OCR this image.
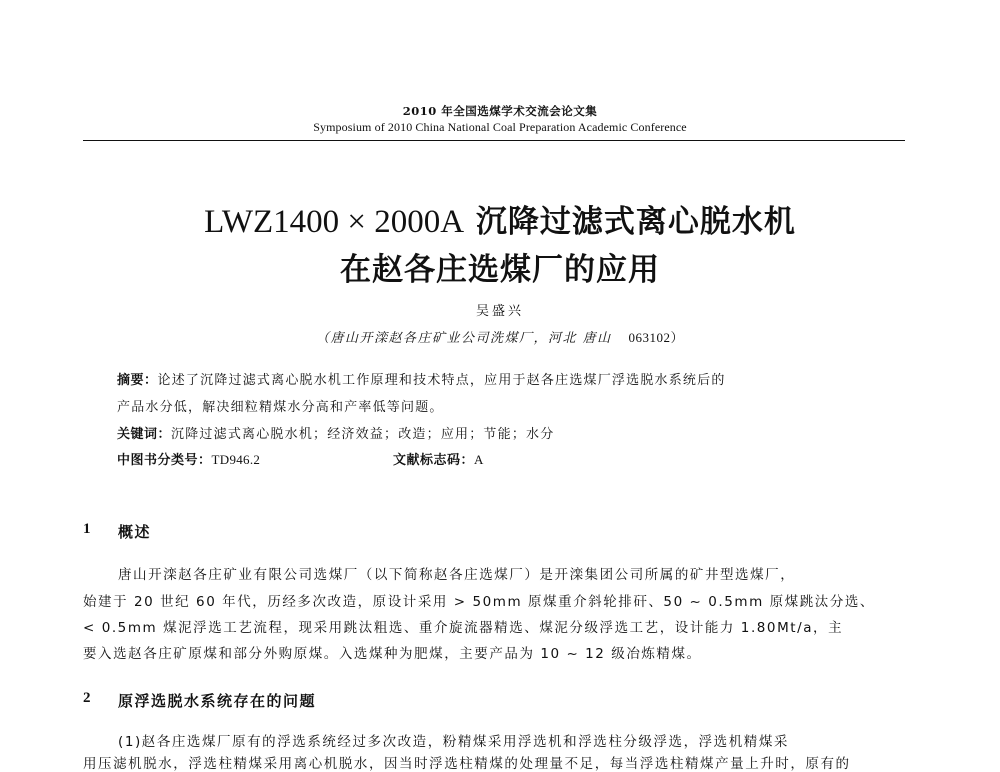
2010 年全国选煤学术交流会论文集
Symposium of 2010 China National Coal Preparation Academic Conference
LWZ1400 × 2000A 沉降过滤式离心脱水机
在赵各庄选煤厂的应用
吴盛兴
（唐山开滦赵各庄矿业公司洗煤厂，河北 唐山 063102）
摘要：论述了沉降过滤式离心脱水机工作原理和技术特点，应用于赵各庄选煤厂浮选脱水系统后的
产品水分低，解决细粒精煤水分高和产率低等问题。
关键词：沉降过滤式离心脱水机；经济效益；改造；应用；节能；水分
中图书分类号：TD946.2	文献标志码：A
1 概述
唐山开滦赵各庄矿业有限公司选煤厂（以下简称赵各庄选煤厂）是开滦集团公司所属的矿井型选煤厂，
始建于 20 世纪 60 年代，历经多次改造，原设计采用 > 50mm 原煤重介斜轮排矸、50 ~ 0.5mm 原煤跳汰分选、
< 0.5mm 煤泥浮选工艺流程，现采用跳汰粗选、重介旋流器精选、煤泥分级浮选工艺，设计能力 1.80Mt/a，主
要入选赵各庄矿原煤和部分外购原煤。入选煤种为肥煤，主要产品为 10 ~ 12 级冶炼精煤。
2 原浮选脱水系统存在的问题
(1)赵各庄选煤厂原有的浮选系统经过多次改造，粉精煤采用浮选机和浮选柱分级浮选，浮选机精煤采
用压滤机脱水，浮选柱精煤采用离心机脱水，因当时浮选柱精煤的处理量不足，每当浮选柱精煤产量上升时，原有的
